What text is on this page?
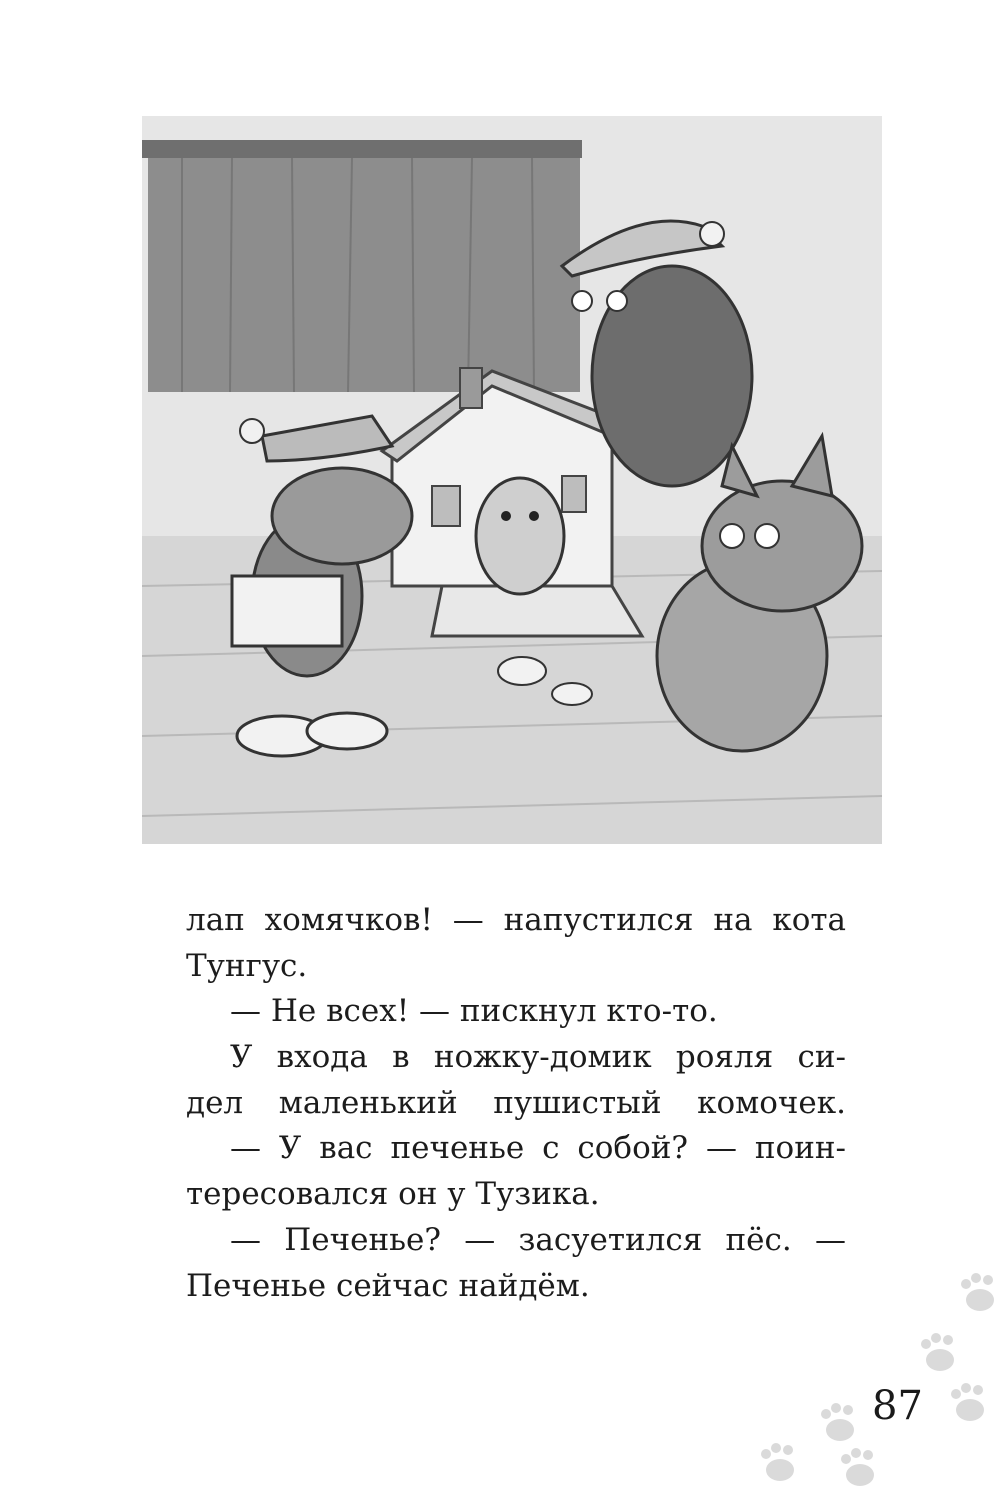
лап хомячков! — напустился на кота
Тунгус.
— Не всех! — пискнул кто-то.
У входа в ножку-домик рояля си-
дел маленький пушистый комочек.
— У вас печенье с собой? — поин-
тересовался он у Тузика.
— Печенье? — засуетился пёс. —
Печенье сейчас найдём.
87
